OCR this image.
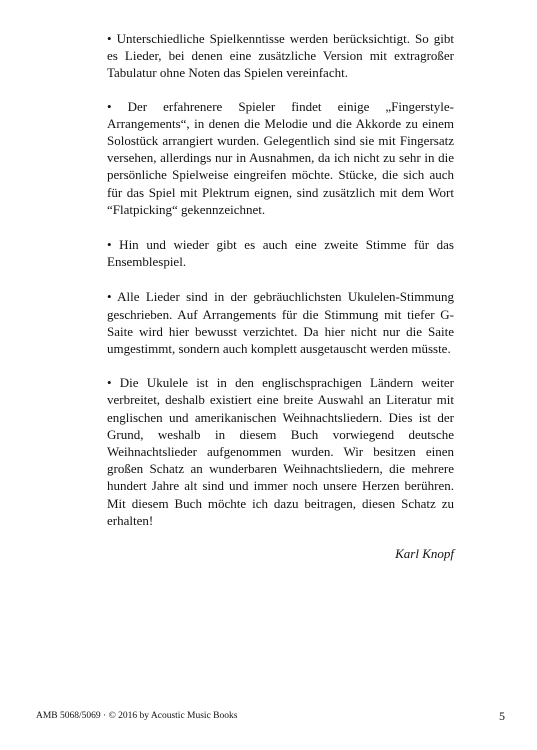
• Unterschiedliche Spielkenntisse werden berücksichtigt. So gibt es Lieder, bei denen eine zusätzliche Version mit extragroßer Tabulatur ohne Noten das Spielen vereinfacht.

• Der erfahrenere Spieler findet einige „Fingerstyle-Arrangements“, in denen die Melodie und die Akkorde zu einem Solostück arrangiert wurden. Gelegentlich sind sie mit Fingersatz versehen, allerdings nur in Ausnahmen, da ich nicht zu sehr in die persönliche Spielweise eingreifen möchte. Stücke, die sich auch für das Spiel mit Plektrum eignen, sind zusätzlich mit dem Wort “Flatpicking“ gekennzeichnet.

• Hin und wieder gibt es auch eine zweite Stimme für das Ensemblespiel.

• Alle Lieder sind in der gebräuchlichsten Ukulelen-Stimmung geschrieben. Auf Arrangements für die Stimmung mit tiefer G-Saite wird hier bewusst verzichtet. Da hier nicht nur die Saite umgestimmt, sondern auch komplett ausgetauscht werden müsste.

• Die Ukulele ist in den englischsprachigen Ländern weiter verbreitet, deshalb existiert eine breite Auswahl an Literatur mit englischen und amerikanischen Weihnachtsliedern. Dies ist der Grund, weshalb in diesem Buch vorwiegend deutsche Weihnachtslieder aufgenommen wurden. Wir besitzen einen großen Schatz an wunderbaren Weihnachtsliedern, die mehrere hundert Jahre alt sind und immer noch unsere Herzen berühren. Mit diesem Buch möchte ich dazu beitragen, diesen Schatz zu erhalten!

Karl Knopf
AMB 5068/5069 · © 2016 by Acoustic Music Books	5
